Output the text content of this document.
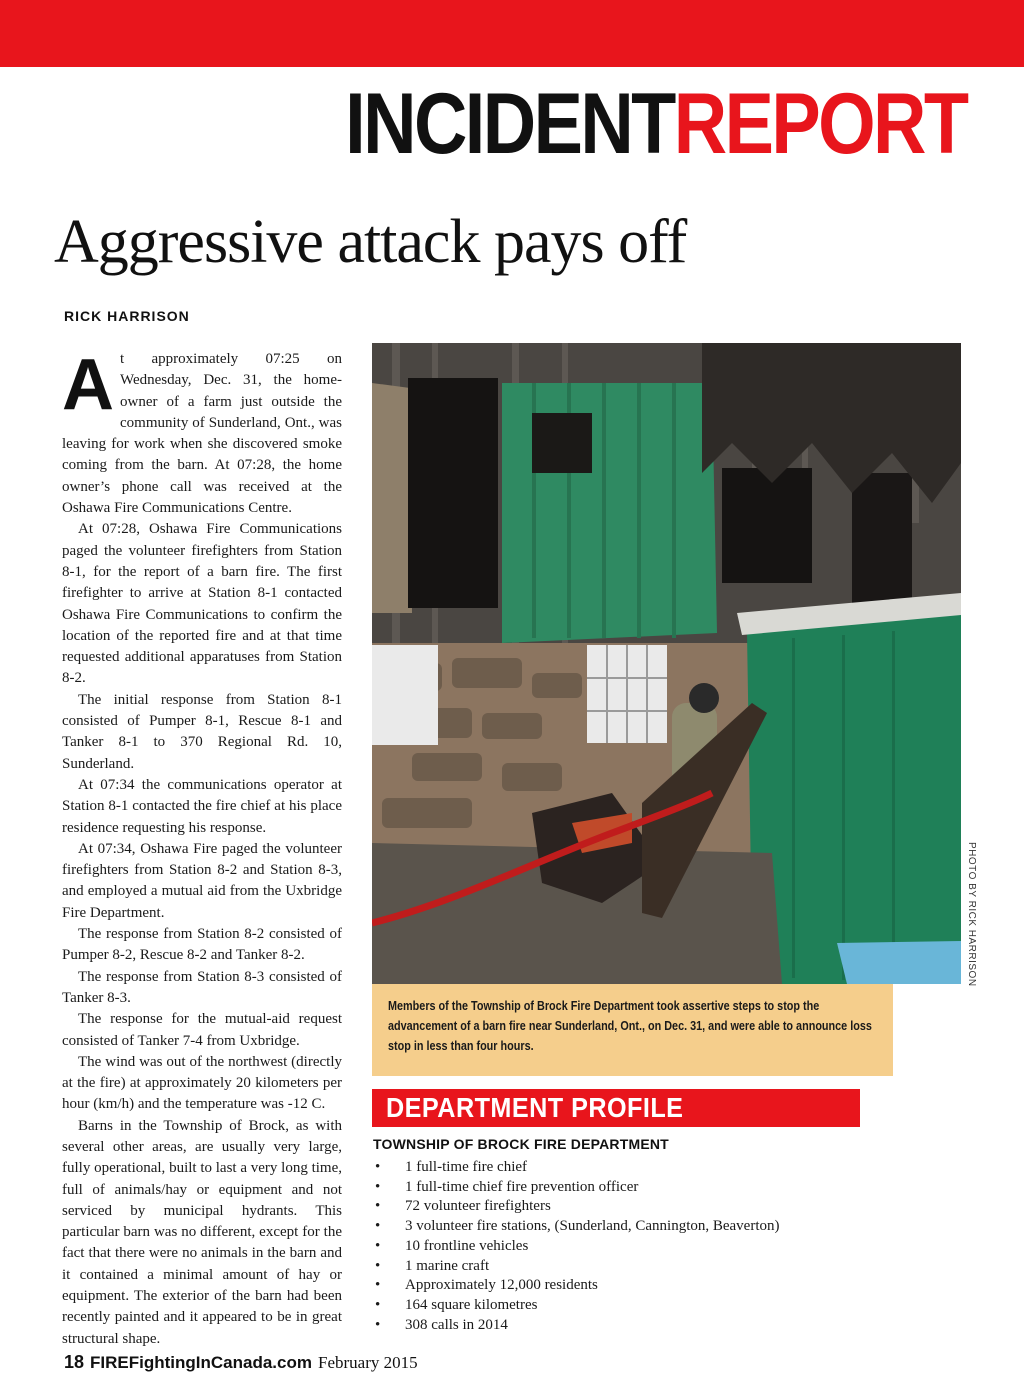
INCIDENTREPORT
Aggressive attack pays off
RICK HARRISON

At approximately 07:25 on Wednesday, Dec. 31, the home-owner of a farm just outside the community of Sunderland, Ont., was leaving for work when she discovered smoke coming from the barn. At 07:28, the home owner’s phone call was received at the Oshawa Fire Communications Centre.

At 07:28, Oshawa Fire Communications paged the volunteer firefighters from Station 8-1, for the report of a barn fire. The first firefighter to arrive at Station 8-1 contacted Oshawa Fire Communications to confirm the location of the reported fire and at that time requested additional apparatuses from Station 8-2.

The initial response from Station 8-1 consisted of Pumper 8-1, Rescue 8-1 and Tanker 8-1 to 370 Regional Rd. 10, Sunderland.

At 07:34 the communications operator at Station 8-1 contacted the fire chief at his place residence requesting his response.

At 07:34, Oshawa Fire paged the volunteer firefighters from Station 8-2 and Station 8-3, and employed a mutual aid from the Uxbridge Fire Department.

The response from Station 8-2 consisted of Pumper 8-2, Rescue 8-2 and Tanker 8-2.

The response from Station 8-3 consisted of Tanker 8-3.

The response for the mutual-aid request consisted of Tanker 7-4 from Uxbridge.

The wind was out of the northwest (directly at the fire) at approximately 20 kilometers per hour (km/h) and the temperature was -12 C.

Barns in the Township of Brock, as with several other areas, are usually very large, fully operational, built to last a very long time, full of animals/hay or equipment and not serviced by municipal hydrants. This particular barn was no different, except for the fact that there were no animals in the barn and it contained a minimal amount of hay or equipment. The exterior of the barn had been recently painted and it appeared to be in great structural shape.

PHOTO BY RICK HARRISON
Members of the Township of Brock Fire Department took assertive steps to stop the advancement of a barn fire near Sunderland, Ont., on Dec. 31, and were able to announce loss stop in less than four hours.
DEPARTMENT PROFILE
TOWNSHIP OF BROCK FIRE DEPARTMENT
• 1 full-time fire chief
• 1 full-time chief fire prevention officer
• 72 volunteer firefighters
• 3 volunteer fire stations, (Sunderland, Cannington, Beaverton)
• 10 frontline vehicles
• 1 marine craft
• Approximately 12,000 residents
• 164 square kilometres
• 308 calls in 2014
18 FIREFightingInCanada.com February 2015
